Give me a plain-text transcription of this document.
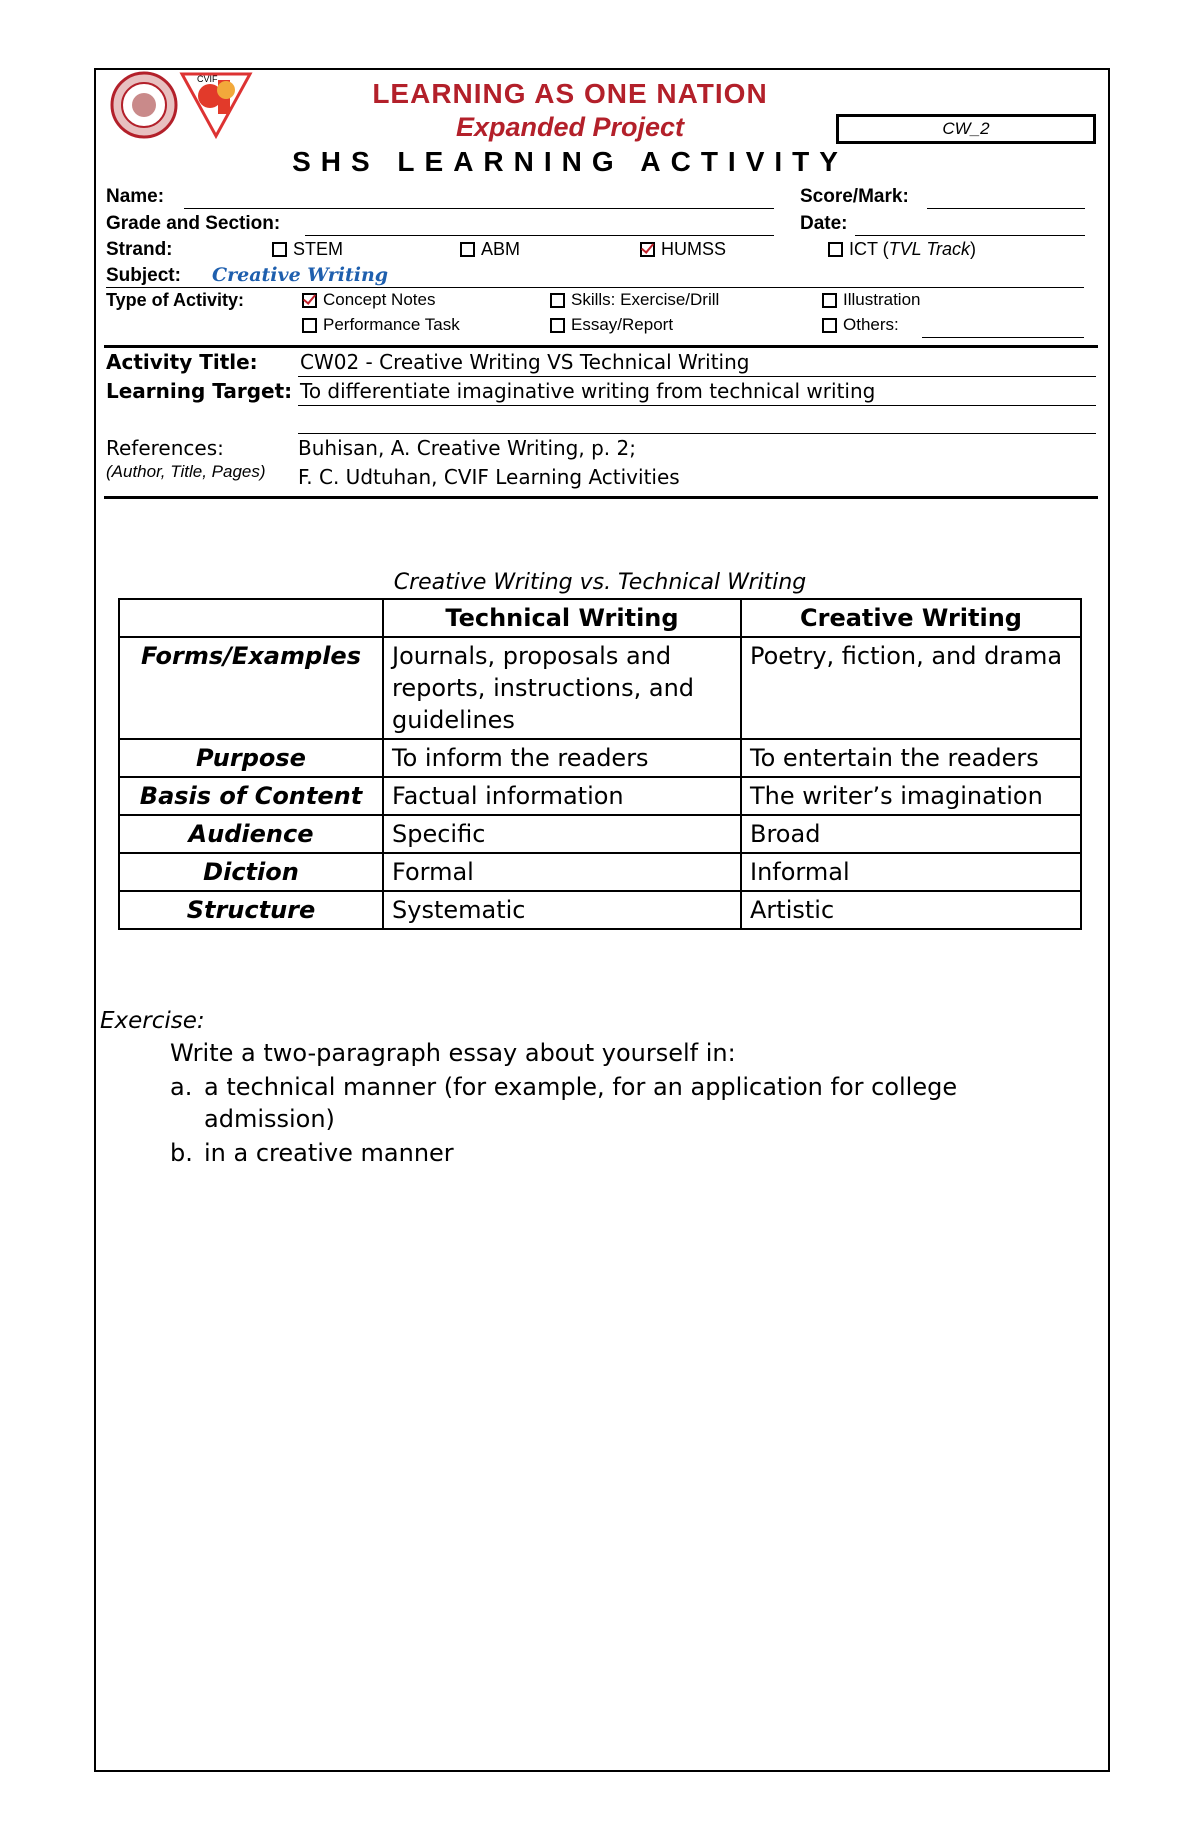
CVIF	LEARNING AS ONE NATION
Expanded Project
SHS LEARNING ACTIVITY
CW_2
Name:	Score/Mark:
Grade and Section:	Date:
Strand:	STEM	ABM	HUMSS	ICT (TVL Track)
Subject: Creative Writing
Type of Activity:	Concept Notes	Skills: Exercise/Drill	Illustration
Performance Task	Essay/Report	Others:
Activity Title: CW02 - Creative Writing VS Technical Writing
Learning Target: To differentiate imaginative writing from technical writing
References:
(Author, Title, Pages)
Buhisan, A. Creative Writing, p. 2;
F. C. Udtuhan, CVIF Learning Activities
Creative Writing vs. Technical Writing
	Technical Writing	Creative Writing
Forms/Examples	Journals, proposals and reports, instructions, and guidelines	Poetry, fiction, and drama
Purpose	To inform the readers	To entertain the readers
Basis of Content	Factual information	The writer’s imagination
Audience	Specific	Broad
Diction	Formal	Informal
Structure	Systematic	Artistic
Exercise:
Write a two-paragraph essay about yourself in:
a. a technical manner (for example, for an application for college
admission)
b. in a creative manner
